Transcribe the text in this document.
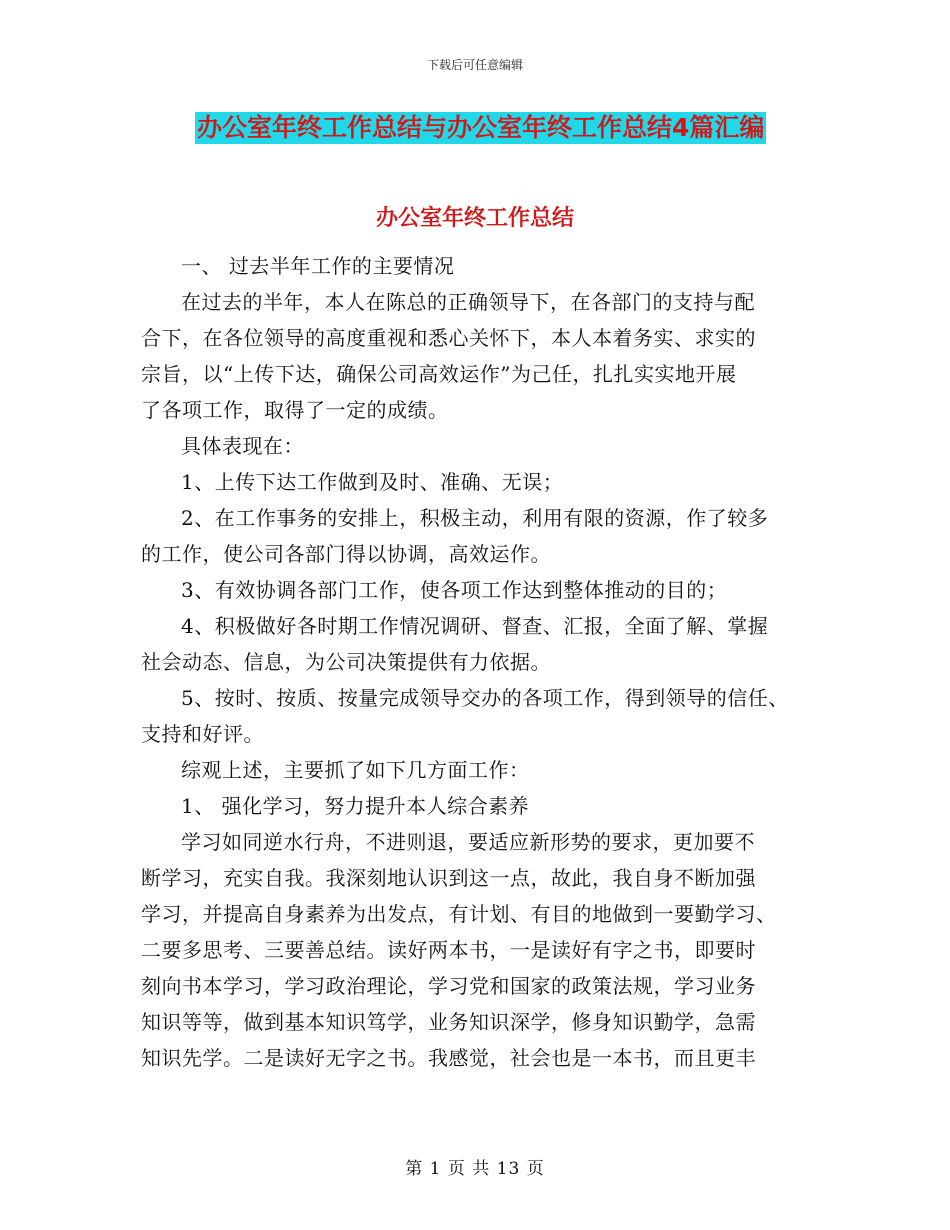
下载后可任意编辑
办公室年终工作总结与办公室年终工作总结4篇汇编
办公室年终工作总结

一、 过去半年工作的主要情况

在过去的半年，本人在陈总的正确领导下，在各部门的支持与配

合下，在各位领导的高度重视和悉心关怀下，本人本着务实、求实的
宗旨，以“上传下达，确保公司高效运作”为己任，扎扎实实地开展
了各项工作，取得了一定的成绩。

具体表现在：

1、上传下达工作做到及时、准确、无误；

2、在工作事务的安排上，积极主动，利用有限的资源，作了较多

的工作，使公司各部门得以协调，高效运作。

3、有效协调各部门工作，使各项工作达到整体推动的目的；

4、积极做好各时期工作情况调研、督查、汇报，全面了解、掌握

社会动态、信息，为公司决策提供有力依据。

5、按时、按质、按量完成领导交办的各项工作，得到领导的信任、

支持和好评。

综观上述，主要抓了如下几方面工作：

1、 强化学习，努力提升本人综合素养

学习如同逆水行舟，不进则退，要适应新形势的要求，更加要不

断学习，充实自我。我深刻地认识到这一点，故此，我自身不断加强
学习，并提高自身素养为出发点，有计划、有目的地做到一要勤学习、
二要多思考、三要善总结。读好两本书，一是读好有字之书，即要时
刻向书本学习，学习政治理论，学习党和国家的政策法规，学习业务
知识等等，做到基本知识笃学，业务知识深学，修身知识勤学，急需
知识先学。二是读好无字之书。我感觉，社会也是一本书，而且更丰
第 1 页 共 13 页
